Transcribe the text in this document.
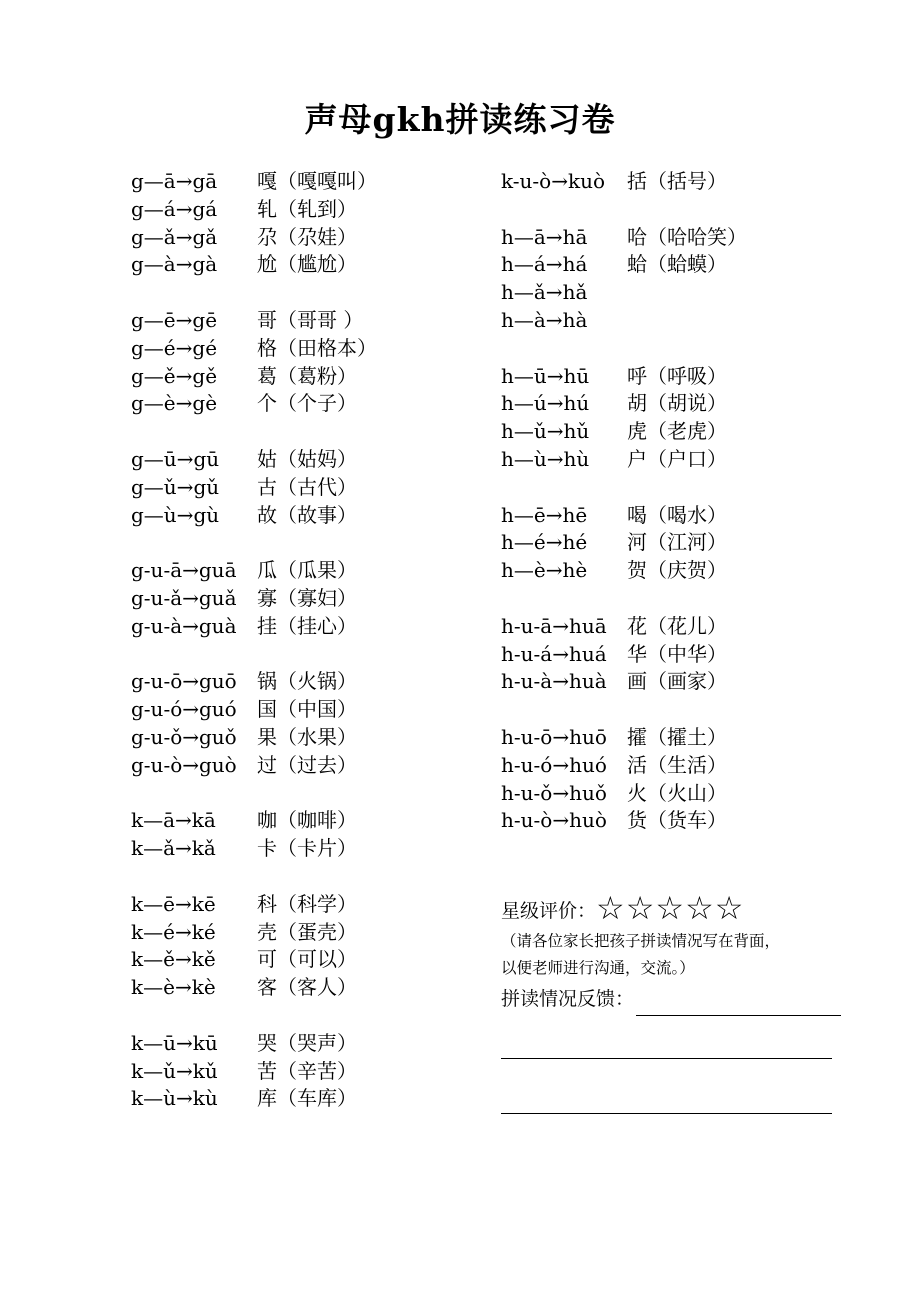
声母gkh拼读练习卷
g—ā→gā 嘎（嘎嘎叫）
g—á→gá 轧（轧到）
g—ǎ→gǎ 尕（尕娃）
g—à→gà 尬（尴尬）
g—ē→gē 哥（哥哥 ）
g—é→gé 格（田格本）
g—ě→gě 葛（葛粉）
g—è→gè 个（个子）
g—ū→gū 姑（姑妈）
g—ǔ→gǔ 古（古代）
g—ù→gù 故（故事）
g-u-ā→guā 瓜（瓜果）
g-u-ǎ→guǎ 寡（寡妇）
g-u-à→guà 挂（挂心）
g-u-ō→guō 锅（火锅）
g-u-ó→guó 国（中国）
g-u-ǒ→guǒ 果（水果）
g-u-ò→guò 过（过去）
k—ā→kā 咖（咖啡）
k—ǎ→kǎ 卡（卡片）
k—ē→kē 科（科学）
k—é→ké 壳（蛋壳）
k—ě→kě 可（可以）
k—è→kè 客（客人）
k—ū→kū 哭（哭声）
k—ǔ→kǔ 苦（辛苦）
k—ù→kù 库（车库）
k-u-ò→kuò 括（括号）
h—ā→hā 哈（哈哈笑）
h—á→há 蛤（蛤蟆）
h—ǎ→hǎ
h—à→hà
h—ū→hū 呼（呼吸）
h—ú→hú 胡（胡说）
h—ǔ→hǔ 虎（老虎）
h—ù→hù 户（户口）
h—ē→hē 喝（喝水）
h—é→hé 河（江河）
h—è→hè 贺（庆贺）
h-u-ā→huā 花（花儿）
h-u-á→huá 华（中华）
h-u-à→huà 画（画家）
h-u-ō→huō 攉（攉土）
h-u-ó→huó 活（生活）
h-u-ǒ→huǒ 火（火山）
h-u-ò→huò 货（货车）
星级评价：☆☆☆☆☆
（请各位家长把孩子拼读情况写在背面，
以便老师进行沟通，交流。）
拼读情况反馈：
